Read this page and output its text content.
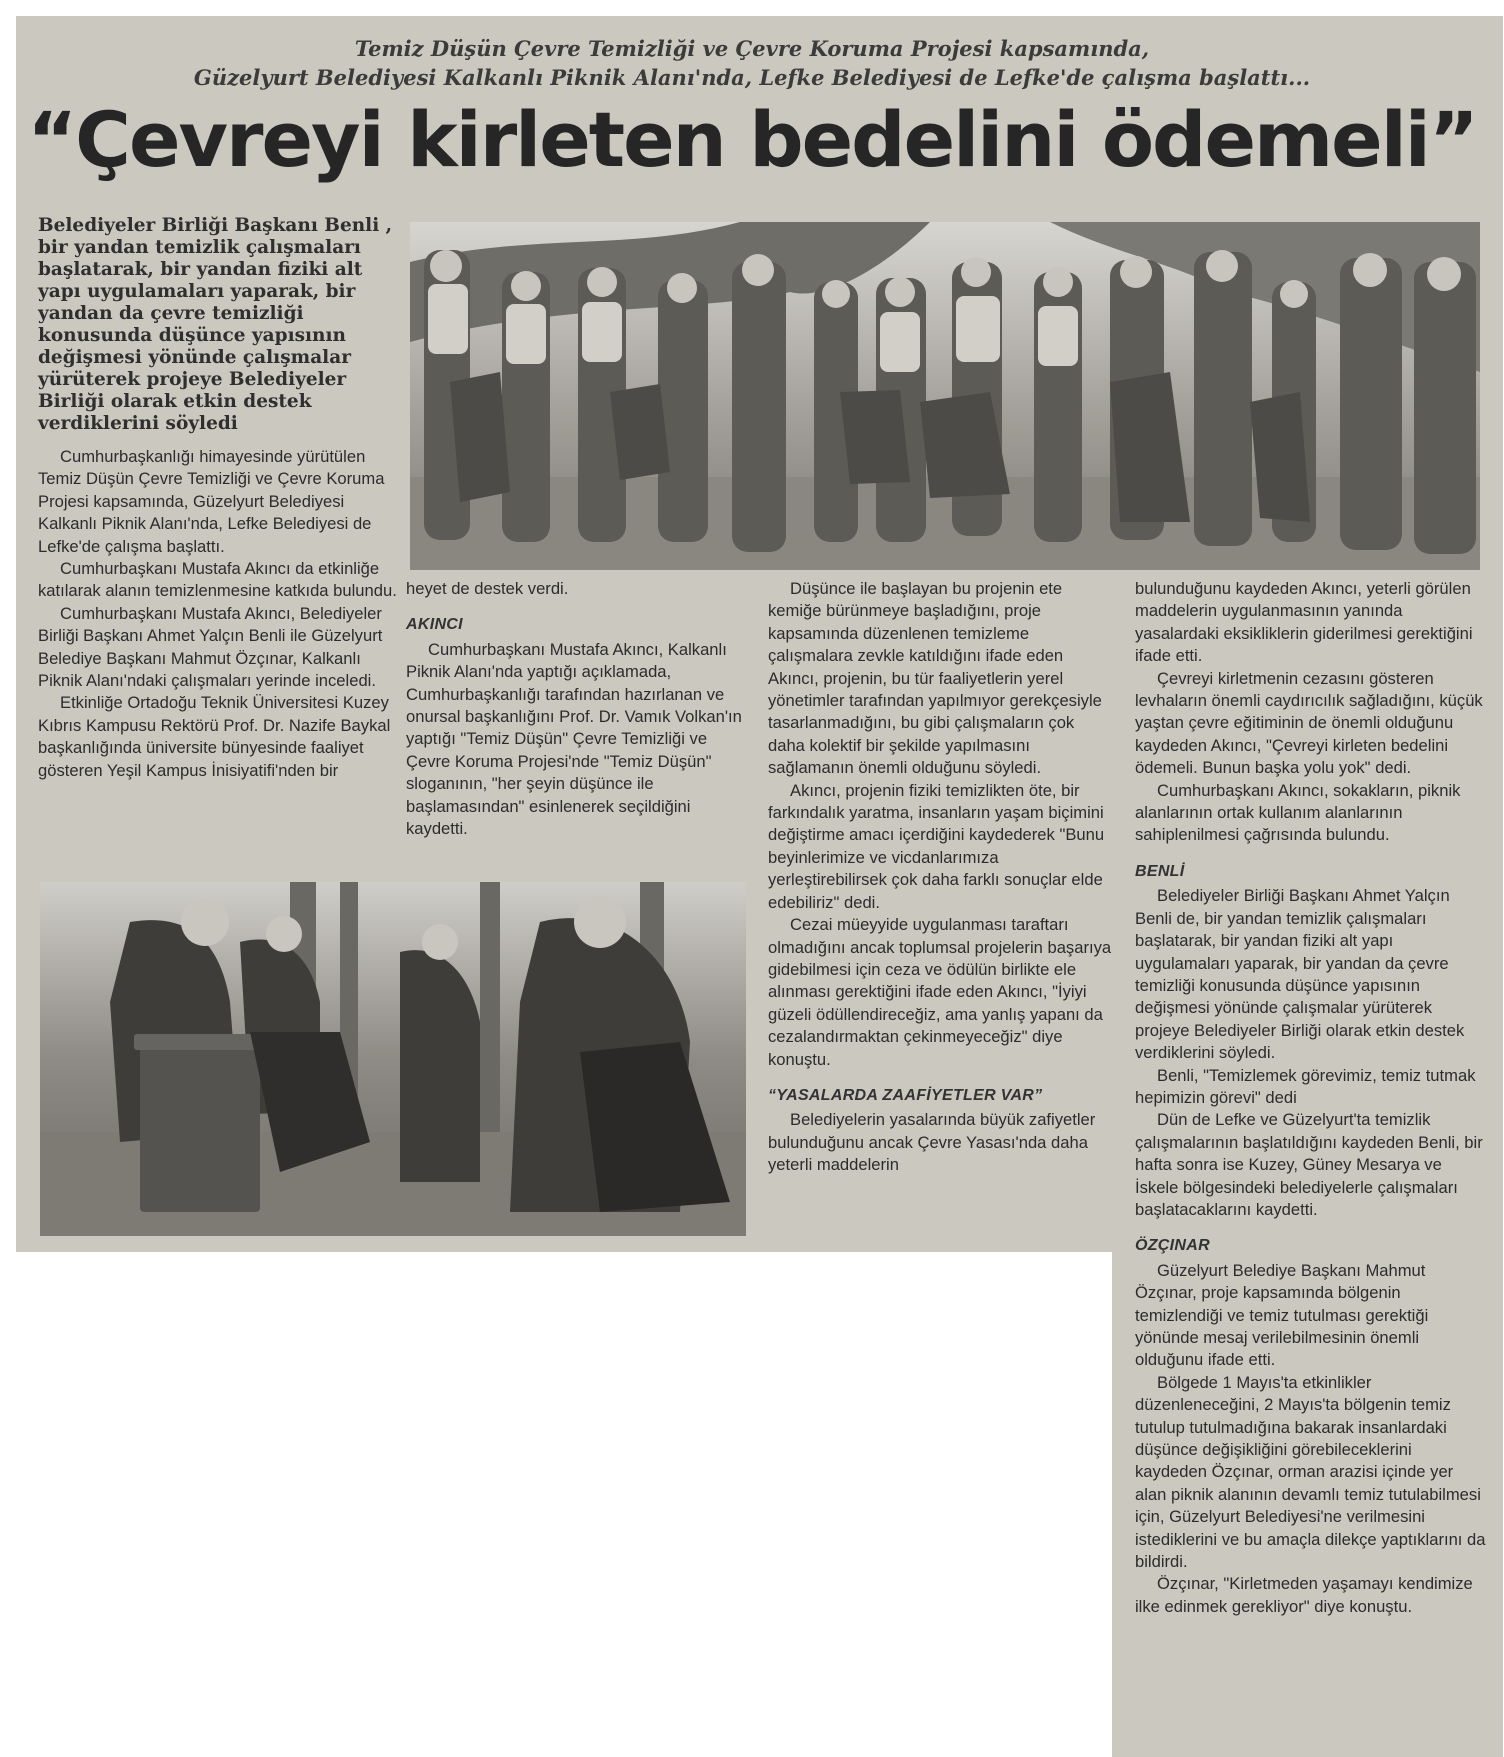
Temiz Düşün Çevre Temizliği ve Çevre Koruma Projesi kapsamında,
Güzelyurt Belediyesi Kalkanlı Piknik Alanı'nda, Lefke Belediyesi de Lefke'de çalışma başlattı...
“Çevreyi kirleten bedelini ödemeli”
Belediyeler Birliği Başkanı Benli , bir yandan temizlik çalışmaları başlatarak, bir yandan fiziki alt yapı uygulamaları yaparak, bir yandan da çevre temizliği konusunda düşünce yapısının değişmesi yönünde çalışmalar yürüterek projeye Belediyeler Birliği olarak etkin destek verdiklerini söyledi

Cumhurbaşkanlığı himayesinde yürütülen Temiz Düşün Çevre Temizliği ve Çevre Koruma Projesi kapsamında, Güzelyurt Belediyesi Kalkanlı Piknik Alanı'nda, Lefke Belediyesi de Lefke'de çalışma başlattı.

Cumhurbaşkanı Mustafa Akıncı da etkinliğe katılarak alanın temizlenmesine katkıda bulundu.

Cumhurbaşkanı Mustafa Akıncı, Belediyeler Birliği Başkanı Ahmet Yalçın Benli ile Güzelyurt Belediye Başkanı Mahmut Özçınar, Kalkanlı Piknik Alanı'ndaki çalışmaları yerinde inceledi.

Etkinliğe Ortadoğu Teknik Üniversitesi Kuzey Kıbrıs Kampusu Rektörü Prof. Dr. Nazife Baykal başkanlığında üniversite bünyesinde faaliyet gösteren Yeşil Kampus İnisiyatifi'nden bir

heyet de destek verdi.

AKINCI

Cumhurbaşkanı Mustafa Akıncı, Kalkanlı Piknik Alanı'nda yaptığı açıklamada, Cumhurbaşkanlığı tarafından hazırlanan ve onursal başkanlığını Prof. Dr. Vamık Volkan'ın yaptığı "Temiz Düşün" Çevre Temizliği ve Çevre Koruma Projesi'nde "Temiz Düşün" sloganının, "her şeyin düşünce ile başlamasından" esinlenerek seçildiğini kaydetti.

Düşünce ile başlayan bu projenin ete kemiğe bürünmeye başladığını, proje kapsamında düzenlenen temizleme çalışmalara zevkle katıldığını ifade eden Akıncı, projenin, bu tür faaliyetlerin yerel yönetimler tarafından yapılmıyor gerekçesiyle tasarlanmadığını, bu gibi çalışmaların çok daha kolektif bir şekilde yapılmasını sağlamanın önemli olduğunu söyledi.

Akıncı, projenin fiziki temizlikten öte, bir farkındalık yaratma, insanların yaşam biçimini değiştirme amacı içerdiğini kaydederek "Bunu beyinlerimize ve vicdanlarımıza yerleştirebilirsek çok daha farklı sonuçlar elde edebiliriz" dedi.

Cezai müeyyide uygulanması taraftarı olmadığını ancak toplumsal projelerin başarıya gidebilmesi için ceza ve ödülün birlikte ele alınması gerektiğini ifade eden Akıncı, "İyiyi güzeli ödüllendireceğiz, ama yanlış yapanı da cezalandırmaktan çekinmeyeceğiz" diye konuştu.

“YASALARDA ZAAFİYETLER VAR”

Belediyelerin yasalarında büyük zafiyetler bulunduğunu ancak Çevre Yasası'nda daha yeterli maddelerin

bulunduğunu kaydeden Akıncı, yeterli görülen maddelerin uygulanmasının yanında yasalardaki eksikliklerin giderilmesi gerektiğini ifade etti.

Çevreyi kirletmenin cezasını gösteren levhaların önemli caydırıcılık sağladığını, küçük yaştan çevre eğitiminin de önemli olduğunu kaydeden Akıncı, "Çevreyi kirleten bedelini ödemeli. Bunun başka yolu yok" dedi.

Cumhurbaşkanı Akıncı, sokakların, piknik alanlarının ortak kullanım alanlarının sahiplenilmesi çağrısında bulundu.

BENLİ

Belediyeler Birliği Başkanı Ahmet Yalçın Benli de, bir yandan temizlik çalışmaları başlatarak, bir yandan fiziki alt yapı uygulamaları yaparak, bir yandan da çevre temizliği konusunda düşünce yapısının değişmesi yönünde çalışmalar yürüterek projeye Belediyeler Birliği olarak etkin destek verdiklerini söyledi.

Benli, "Temizlemek görevimiz, temiz tutmak hepimizin görevi" dedi

Dün de Lefke ve Güzelyurt'ta temizlik çalışmalarının başlatıldığını kaydeden Benli, bir hafta sonra ise Kuzey, Güney Mesarya ve İskele bölgesindeki belediyelerle çalışmaları başlatacaklarını kaydetti.

ÖZÇINAR

Güzelyurt Belediye Başkanı Mahmut Özçınar, proje kapsamında bölgenin temizlendiği ve temiz tutulması gerektiği yönünde mesaj verilebilmesinin önemli olduğunu ifade etti.

Bölgede 1 Mayıs'ta etkinlikler düzenleneceğini, 2 Mayıs'ta bölgenin temiz tutulup tutulmadığına bakarak insanlardaki düşünce değişikliğini görebileceklerini kaydeden Özçınar, orman arazisi içinde yer alan piknik alanının devamlı temiz tutulabilmesi için, Güzelyurt Belediyesi'ne verilmesini istediklerini ve bu amaçla dilekçe yaptıklarını da bildirdi.

Özçınar, "Kirletmeden yaşamayı kendimize ilke edinmek gerekliyor" diye konuştu.
